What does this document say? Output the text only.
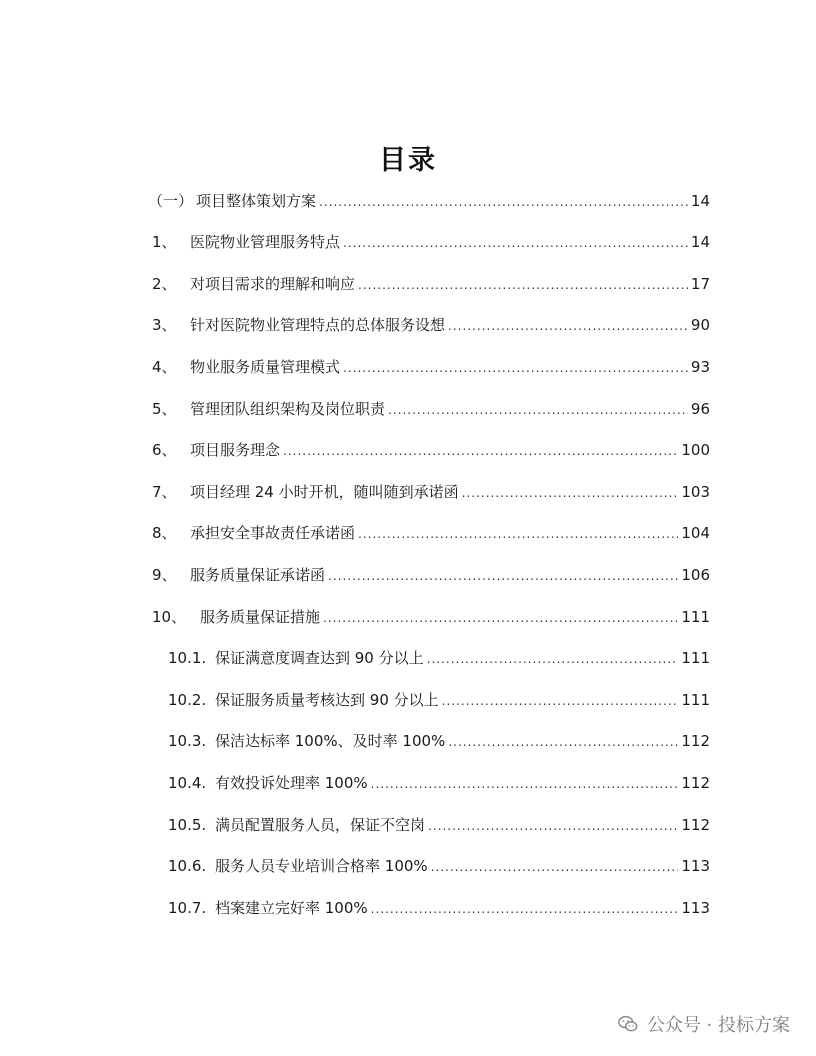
目录
（一） 项目整体策划方案 .....	14
1、 医院物业管理服务特点 .....	14
2、 对项目需求的理解和响应 .....	17
3、 针对医院物业管理特点的总体服务设想 .....	90
4、 物业服务质量管理模式 .....	93
5、 管理团队组织架构及岗位职责 .....	96
6、 项目服务理念 .....	100
7、 项目经理 24 小时开机，随叫随到承诺函 .....	103
8、 承担安全事故责任承诺函 .....	104
9、 服务质量保证承诺函 .....	106
10、 服务质量保证措施 .....	111
10.1. 保证满意度调查达到 90 分以上 .....	111
10.2. 保证服务质量考核达到 90 分以上 .....	111
10.3. 保洁达标率 100%、及时率 100% .....	112
10.4. 有效投诉处理率 100% .....	112
10.5. 满员配置服务人员，保证不空岗 .....	112
10.6. 服务人员专业培训合格率 100% .....	113
10.7. 档案建立完好率 100% .....	113
公众号 · 投标方案
